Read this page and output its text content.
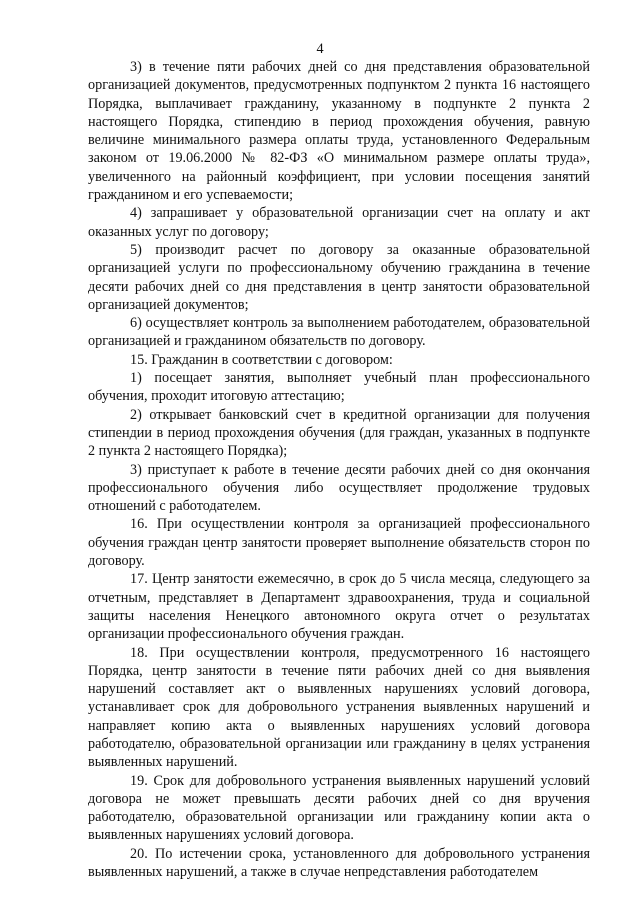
4

3) в течение пяти рабочих дней со дня представления образовательной организацией документов, предусмотренных подпунктом 2 пункта 16 настоящего Порядка, выплачивает гражданину, указанному в подпункте 2 пункта 2 настоящего Порядка, стипендию в период прохождения обучения, равную величине минимального размера оплаты труда, установленного Федеральным законом от 19.06.2000 № 82-ФЗ «О минимальном размере оплаты труда», увеличенного на районный коэффициент, при условии посещения занятий гражданином и его успеваемости;

4) запрашивает у образовательной организации счет на оплату и акт оказанных услуг по договору;

5) производит расчет по договору за оказанные образовательной организацией услуги по профессиональному обучению гражданина в течение десяти рабочих дней со дня представления в центр занятости образовательной организацией документов;

6) осуществляет контроль за выполнением работодателем, образовательной организацией и гражданином обязательств по договору.

15. Гражданин в соответствии с договором:

1) посещает занятия, выполняет учебный план профессионального обучения, проходит итоговую аттестацию;

2) открывает банковский счет в кредитной организации для получения стипендии в период прохождения обучения (для граждан, указанных в подпункте 2 пункта 2 настоящего Порядка);

3) приступает к работе в течение десяти рабочих дней со дня окончания профессионального обучения либо осуществляет продолжение трудовых отношений с работодателем.

16. При осуществлении контроля за организацией профессионального обучения граждан центр занятости проверяет выполнение обязательств сторон по договору.

17. Центр занятости ежемесячно, в срок до 5 числа месяца, следующего за отчетным, представляет в Департамент здравоохранения, труда и социальной защиты населения Ненецкого автономного округа отчет о результатах организации профессионального обучения граждан.

18. При осуществлении контроля, предусмотренного 16 настоящего Порядка, центр занятости в течение пяти рабочих дней со дня выявления нарушений составляет акт о выявленных нарушениях условий договора, устанавливает срок для добровольного устранения выявленных нарушений и направляет копию акта о выявленных нарушениях условий договора работодателю, образовательной организации или гражданину в целях устранения выявленных нарушений.

19. Срок для добровольного устранения выявленных нарушений условий договора не может превышать десяти рабочих дней со дня вручения работодателю, образовательной организации или гражданину копии акта о выявленных нарушениях условий договора.

20. По истечении срока, установленного для добровольного устранения выявленных нарушений, а также в случае непредставления работодателем
